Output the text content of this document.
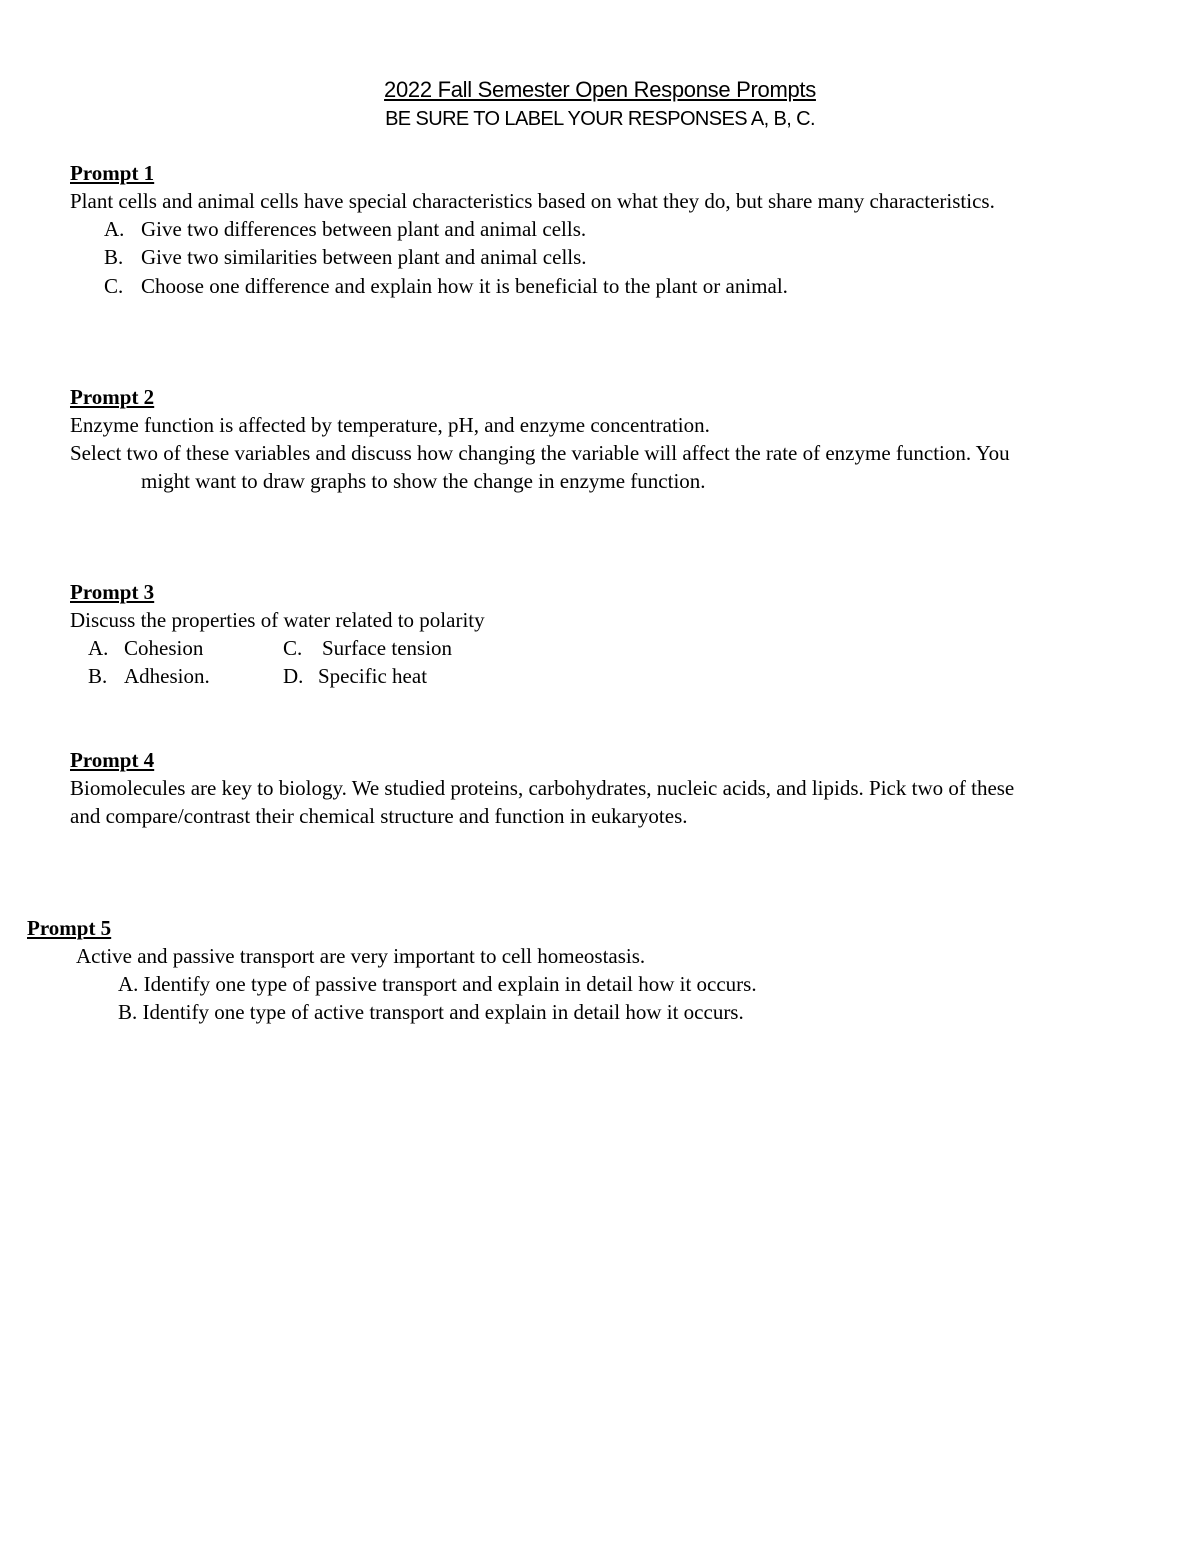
2022 Fall Semester Open Response Prompts
BE SURE TO LABEL YOUR RESPONSES A, B, C.
Prompt 1
Plant cells and animal cells have special characteristics based on what they do, but share many characteristics.
A. Give two differences between plant and animal cells.
B. Give two similarities between plant and animal cells.
C. Choose one difference and explain how it is beneficial to the plant or animal.
Prompt 2
Enzyme function is affected by temperature, pH, and enzyme concentration.
Select two of these variables and discuss how changing the variable will affect the rate of enzyme function. You
might want to draw graphs to show the change in enzyme function.
Prompt 3
Discuss the properties of water related to polarity
A. Cohesion	C. Surface tension
B. Adhesion.	D. Specific heat
Prompt 4
Biomolecules are key to biology. We studied proteins, carbohydrates, nucleic acids, and lipids. Pick two of these
and compare/contrast their chemical structure and function in eukaryotes.
Prompt 5
Active and passive transport are very important to cell homeostasis.
A. Identify one type of passive transport and explain in detail how it occurs.
B. Identify one type of active transport and explain in detail how it occurs.
